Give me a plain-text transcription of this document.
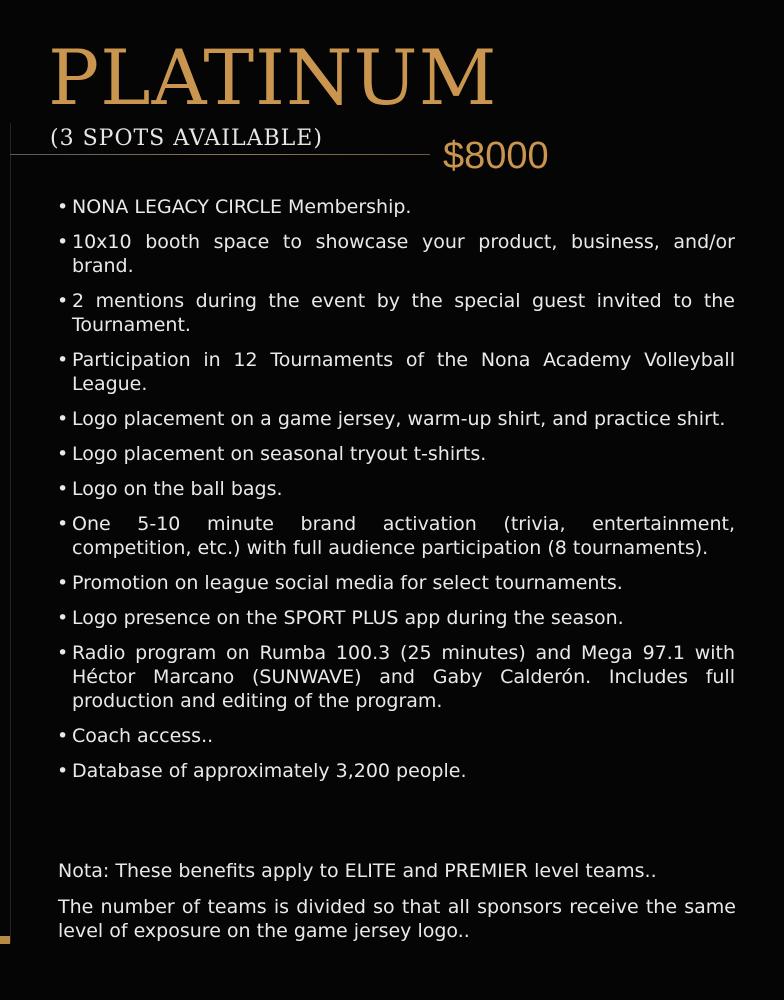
PLATINUM
(3 SPOTS AVAILABLE)	$8000
• NONA LEGACY CIRCLE Membership.
• 10x10 booth space to showcase your product, business, and/or brand.
• 2 mentions during the event by the special guest invited to the Tournament.
• Participation in 12 Tournaments of the Nona Academy Volleyball League.
• Logo placement on a game jersey, warm-up shirt, and practice shirt.
• Logo placement on seasonal tryout t-shirts.
• Logo on the ball bags.
• One 5-10 minute brand activation (trivia, entertainment, competition, etc.) with full audience participation (8 tournaments).
• Promotion on league social media for select tournaments.
• Logo presence on the SPORT PLUS app during the season.
• Radio program on Rumba 100.3 (25 minutes) and Mega 97.1 with Héctor Marcano (SUNWAVE) and Gaby Calderón. Includes full production and editing of the program.
• Coach access..
• Database of approximately 3,200 people.

Nota: These benefits apply to ELITE and PREMIER level teams..

The number of teams is divided so that all sponsors receive the same level of exposure on the game jersey logo..
